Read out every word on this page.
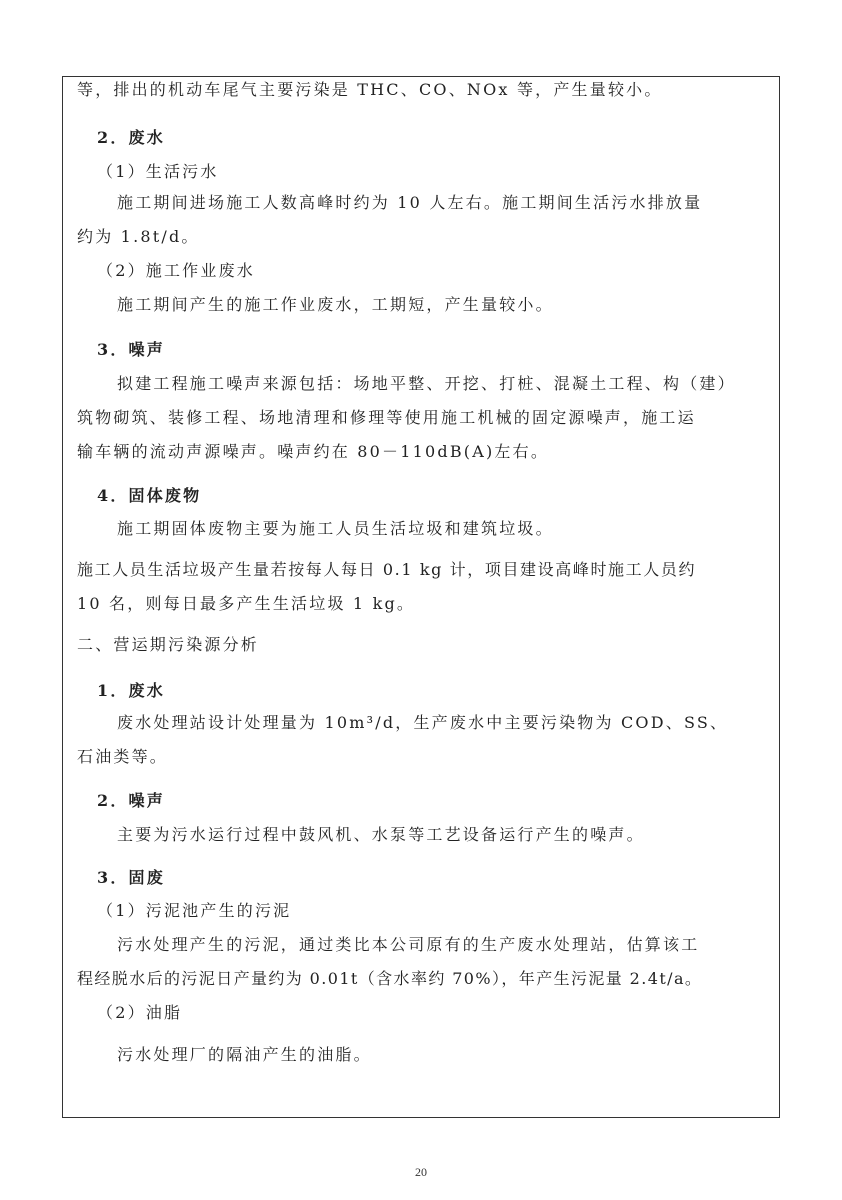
等，排出的机动车尾气主要污染是 THC、CO、NOx 等，产生量较小。
2．废水
（1）生活污水
施工期间进场施工人数高峰时约为 10 人左右。施工期间生活污水排放量
约为 1.8t/d。
（2）施工作业废水
施工期间产生的施工作业废水，工期短，产生量较小。
3．噪声
拟建工程施工噪声来源包括：场地平整、开挖、打桩、混凝土工程、构（建）
筑物砌筑、装修工程、场地清理和修理等使用施工机械的固定源噪声，施工运
输车辆的流动声源噪声。噪声约在 80－110dB(A)左右。
4．固体废物
施工期固体废物主要为施工人员生活垃圾和建筑垃圾。
施工人员生活垃圾产生量若按每人每日 0.1 kg 计，项目建设高峰时施工人员约
10 名，则每日最多产生生活垃圾 1 kg。
二、营运期污染源分析
1．废水
废水处理站设计处理量为 10m³/d，生产废水中主要污染物为 COD、SS、
石油类等。
2．噪声
主要为污水运行过程中鼓风机、水泵等工艺设备运行产生的噪声。
3．固废
（1）污泥池产生的污泥
污水处理产生的污泥，通过类比本公司原有的生产废水处理站，估算该工
程经脱水后的污泥日产量约为 0.01t（含水率约 70%），年产生污泥量 2.4t/a。
（2）油脂
污水处理厂的隔油产生的油脂。
20
